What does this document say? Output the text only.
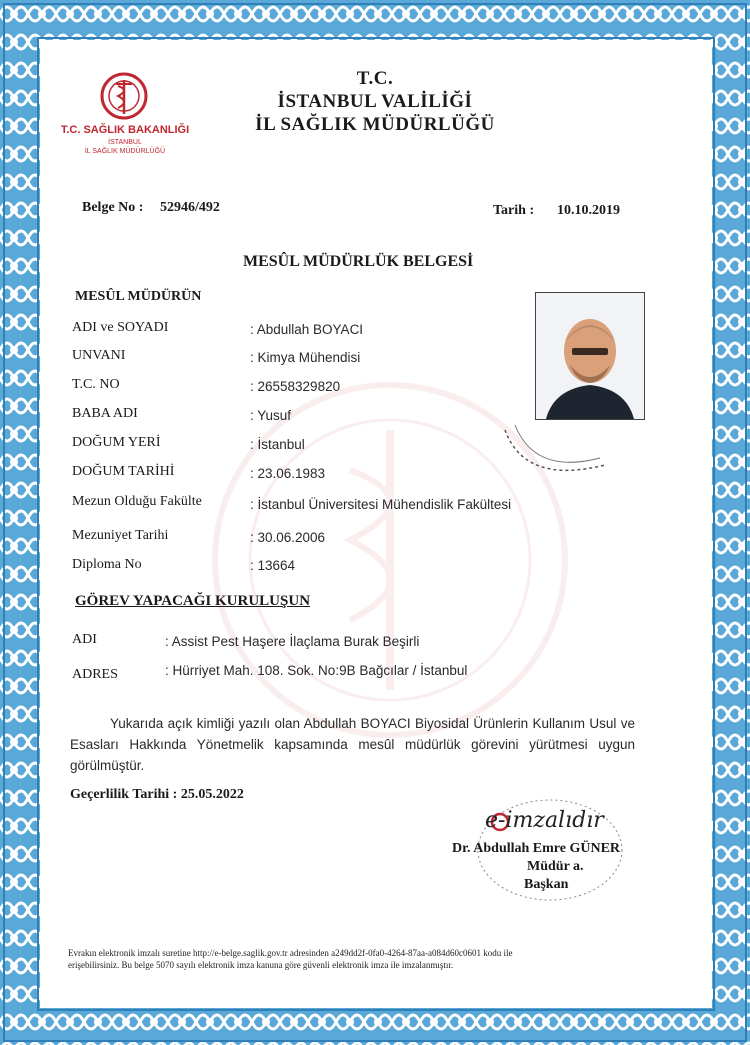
T.C. SAĞLIK BAKANLIĞI
İSTANBUL
İL SAĞLIK MÜDÜRLÜĞÜ
T.C.
İSTANBUL VALİLİĞİ
İL SAĞLIK MÜDÜRLÜĞÜ
Belge No : 52946/492	Tarih : 10.10.2019
MESÛL MÜDÜRLÜK BELGESİ
MESÛL MÜDÜRÜN
ADI ve SOYADI	: Abdullah BOYACI
UNVANI	: Kimya Mühendisi
T.C. NO	: 26558329820
BABA ADI	: Yusuf
DOĞUM YERİ	: İstanbul
DOĞUM TARİHİ	: 23.06.1983
Mezun Olduğu Fakülte	: İstanbul Üniversitesi Mühendislik Fakültesi
Mezuniyet Tarihi	: 30.06.2006
Diploma No	: 13664
GÖREV YAPACAĞI KURULUŞUN
ADI	: Assist Pest Haşere İlaçlama Burak Beşirli
ADRES	: Hürriyet Mah. 108. Sok. No:9B Bağcılar / İstanbul
Yukarıda açık kimliği yazılı olan Abdullah BOYACI Biyosidal Ürünlerin Kullanım Usul ve Esasları Hakkında Yönetmelik kapsamında mesûl müdürlük görevini yürütmesi uygun görülmüştür.
Geçerlilik Tarihi : 25.05.2022
e-imzalıdır
Dr. Abdullah Emre GÜNER
Müdür a.
Başkan
Evrakın elektronik imzalı suretine http://e-belge.saglik.gov.tr adresinden a249dd2f-0fa0-4264-87aa-a084d60c0601 kodu ile
erişebilirsiniz. Bu belge 5070 sayılı elektronik imza kanuna göre güvenli elektronik imza ile imzalanmıştır.
